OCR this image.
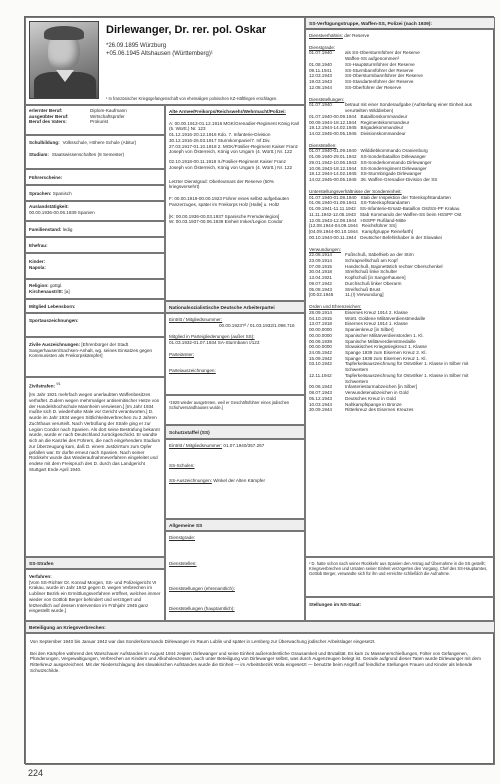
Dirlewanger, Dr. rer. pol. Oskar
*26.09.1895 Würzburg
+05.06.1945 Altshausen (Württemberg)¹
¹ In französischer Kriegsgefangenschaft von ehemaligen polnischen KZ-Häftlingen erschlagen.
erlernter Beruf:	Diplom-Kaufmann
ausgeübter Beruf:	Wirtschaftsprüfer
Beruf des Vaters:	Prokurist
Schulbildung: Volksschule, Höhere Schule (Abitur)
Studium: Staatswissenschaften (8 Semester)
Führerscheine:
Sprachen: Spanisch
Auslandstätigkeit:
00.00.1936-00.06.1939 Spanien
Familienstand: ledig
Ehefrau:
Kinder:
Napola:
Religion: gottgl.
Kirchenaustritt: [a]
Mitglied Lebensborn:
Sportauszeichnungen:
Zivile Auszeichnungen: [Ehrenbürger der Stadt Sangerhausen/Sachsen-Anhalt, wg. seines Einsatzes gegen Kommunisten als Freikorpskämpfer]
Zivilstrafen: $^{91}$
[Im Jahr 1921 mehrfach wegen unerlaubten Waffenbesitzes verhaftet. Zudem wegen mehrmaliger antisemitischer Hetze von der Handelshochschule Mannheim verwiesen.] [Im Jahr 1934 mußte sich D. wiederholte Male vor Gericht verantworten.] D. wurde im Jahr 1934 wegen Sittlichkeitsverbrechen zu 2 Jahren Zuchthaus verurteilt. Nach Verbüßung der Strafe ging er zur Legion Condor nach Spanien. Als dort seine Bestrafung bekannt wurde, wurde er nach Deutschland zurückgeschickt. Er wandte sich an die Kanzlei des Führers, die nach eingehendem Studium zur Überzeugung kam, daß D. einem Justizirrtum zum Opfer gefallen war. Er durfte erneut nach Spanien. Nach seiner Rückkehr wurde das Wiederaufnahmeverfahren eingeleitet und endete mit dem Freispruch des D. durch das Landgericht Stuttgart Ende April 1940.
SS-Strafen
Verfahren:
[Vom SS-Richter Dr. Konrad Morgen, SS- und Polizeigericht VI Krakau, wurde im Jahr 1942 gegen D. wegen Verbrechen im Lubliner Bezirk ein Ermittlungsverfahren eröffnet, welches immer wieder von Gottlob Berger behindert und verzögert und letztendlich auf dessen Intervention im Frühjahr 1945 ganz eingestellt wurde.]
Alte Armee/Freikorps/Reichswehr/Wehrmacht/Polizei:
A: 00.00.1913-01.12.1916 MGK/Grenadier-Regiment König Karl (5. Württ.) Nr. 123
01.12.1916-20.12.1916 Kdo. 7. Infanterie-Division
30.12.1916-26.03.1917 Sturmkompanie/7. Inf.Div.
27.03.1917-01.10.1918 2. MGK/Füsilier-Regiment Kaiser Franz Joseph von Österreich, König von Ungarn (4. Württ.) Nr. 122
02.10.1918-00.11.1918 II./Füsilier-Regiment Kaiser Franz Joseph von Österreich, König von Ungarn (4. Württ.) Nr. 122
Letzter Dienstgrad: Oberleutnant der Reserve (50% kriegsversehrt)
F: 00.00.1919-00.00.1923 Führer eines selbst aufgebauten Panzerzuges, später im Freikorps Holz [Halle] u. Holtz
[K: 00.00.1936-00.03.1937 Spanische Fremdenlegion]
W: 00.03.1937-00.06.1939 Einheit Imker/Legion Condor
Nationalsozialistische Deutsche Arbeiterpartei
Eintritt / Mitgliedsnummer:
00.00.1923?² / 01.03.1932/1.098.716
Mitglied in Parteigliederungen (außer SS):
01.03.1932-01.07.1934 SA-Sturmbann I/123
Parteiämter:
Parteiauszeichnungen:
²1928 wieder ausgetreten, weil er Geschäftsführer eines jüdischen Schuhversandhauses wurde.]
Schutzstaffel (SS)
Eintritt / Mitgliedsnummer: 01.07.1940/357.267
SS-Schulen:
SS-Auszeichnungen: Winkel der Alten Kämpfer
Allgemeine SS
Dienstgrade:
Dienststellen:
Dienststellungen (ehrenamtlich):
Dienststellungen (hauptamtlich):
SS-Verfügungstruppe, Waffen-SS, Polizei (nach 1939):
Dienstverhältnis: der Reserve
Dienstgrade:
01.07.1940	als SS-Obersturmführer der Reserve
Waffen-SS aufgenommen²
01.08.1940	SS-Hauptsturmführer der Reserve
09.11.1941	SS-Sturmbannführer der Reserve
12.03.1943	SS-Obersturmbannführer der Reserve
19.03.1943	SS-Standartenführer der Reserve
12.08.1944	SS-Oberführer der Reserve
Dienststellungen:
01.07.1940	betraut mit einer Sonderaufgabe (Aufstellung einer Einheit aus verurteilten Wilddieben)
01.07.1940-00.09.1944 Bataillonskommandeur
00.09.1944-18.12.1944 Regimentskommandeur
19.12.1944-14.02.1945 Brigadekommandeur
14.02.1945-00.05.1945 Divisionskommandeur
Dienststellen:
01.07.1940-01.09.1940 Wilddiebkommando Oranienburg
01.09.1940-29.01.1942 SS-Sonderbataillon Dirlewanger
29.01.1942-10.06.1943 SS-Sonderkommando Dirlewanger
10.06.1943-18.12.1944 SS-Sonderregiment Dirlewanger
18.12.1944-14.02.1945 SS-Sturmbrigade Dirlewanger
14.02.1945-00.05.1945 36. Waffen-Grenadier-Division der SS
Unterstellungsverhältnisse der Sondereinheit:
01.07.1940-01.08.1940 Stab der Inspektion der Totenkopfstandarten
01.08.1940-01.09.1941 SS-Totenkopfstandarten
01.09.1941-11.11.1942 SS-Infanterie-Ersatz-Bataillon Ost/SS-PF Krakau
11.11.1942-12.05.1943 Stab Kommando der Waffen-SS beim HSSPF Ost
12.05.1943-12.08.1944 HSSPF Rußland-Mitte
[12.08.1944-04.09.1944 Reichsführer SS]
[04.09.1944-00.10.1944 Kampfgruppe Reinefarth]
00.10.1944-00.11.1944 Deutscher Befehlshaber in der Slowakei
Verwundungen:
22.08.1914	Fußschuß, Säbelhieb an der Stirn
23.09.1914	Schrapnellschuß am Kopf
07.09.1915	Handschuß, Bajonettstich rechter Oberschenkel
30.04.1918	Streifschuß linke Schulter
13.04.1921	Kopfschuß [in Sangerhausen]
09.07.1942	Durchschuß linker Oberarm
05.08.1943	Streifschuß Brust
[00.02.1945	11.(!) Verwundung]
Orden und Ehrenzeichen:
28.09.1914	Eisernes Kreuz 1914 2. Klasse
04.10.1915	Württ. Goldene Militärverdienstmedaille
13.07.1918	Eisernes Kreuz 1914 1. Klasse
00.00.0000	Spanienkreuz [in Silber]
00.00.0000	Spanischer Militärverdienstorden 1. Kl.
00.06.1939	Spanische Militärverdienstmedaille
00.00.0000	Slowakisches Kriegssiegkreuz 1. Klasse
24.05.1942	Spange 1939 zum Eisernen Kreuz 2. Kl.
15.09.1942	Spange 1939 zum Eisernen Kreuz 1. Kl.
03.10.1942	Tapferkeitsauszeichnung für Ostvölker 1. Klasse in Silber mit Schwertern
12.11.1942	Tapferkeitsauszeichnung für Ostvölker 1. Klasse in Silber mit Schwertern
00.06.1943	Infanteriesturmabzeichen [in Silber]
08.07.1943	Verwundetenabzeichen in Gold
05.12.1943	Deutsches Kreuz in Gold
10.03.1944	Nahkampfspange in Bronze
30.09.1944	Ritterkreuz des Eisernen Kreuzes
² D. hatte schon nach seiner Rückkehr aus Spanien den Antrag auf Übernahme in die SS gestellt; Kriegsverbrechen und Untaten seiner Einheit verzögerten den Vorgang. Chef des SS-Hauptamtes, Gottlob Berger, verwandte sich für ihn und erreichte schließlich die Aufnahme.
Stellungen im NS-Staat:
Beteiligung an Kriegsverbrechen:
Von September 1940 bis Januar 1942 war das Sonderkommando Dirlewanger im Raum Lublin und später in Lemberg zur Überwachung jüdischer Arbeitslager eingesetzt.
Bei den Kämpfen während des Warschauer Aufstandes im August 1944 zeigten Dirlewanger und seine Einheit außerordentliche Grausamkeit und Brutalität. Es kam zu Massenerschießungen, Folter von Gefangenen, Plünderungen, Vergewaltigungen, Verbrechen an Kindern und Alkoholexzessen, auch unter Beteiligung von Dirlewanger selbst, was durch Augenzeugen belegt ist. Gerade aufgrund dieser Taten wurde Dirlewanger mit dem Ritterkreuz ausgezeichnet. Mit der Niederschlagung des slowakischen Aufstandes wurde die Einheit — im Arbeitsbezirk Wola eingesetzt — benutzte beim Angriff auf feindliche Stellungen Frauen und Kinder als lebende Schutzschilde.
224
